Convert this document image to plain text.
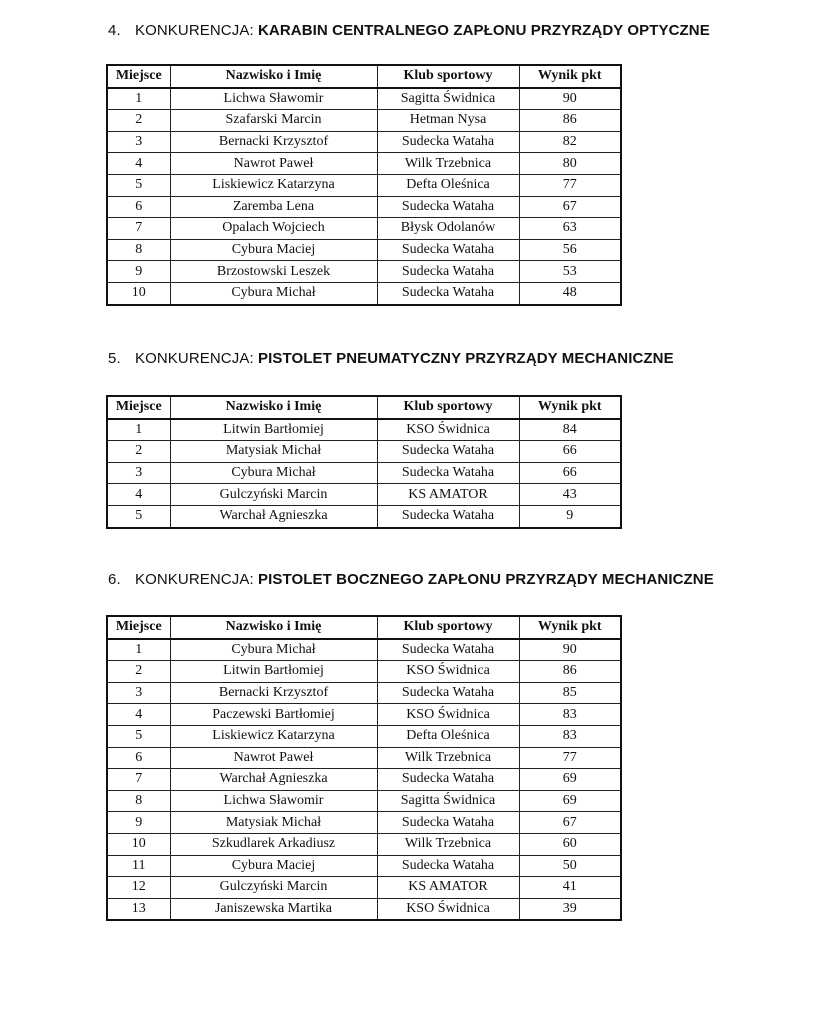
4. KONKURENCJA: KARABIN CENTRALNEGO ZAPŁONU PRZYRZĄDY OPTYCZNE
Miejsce	Nazwisko i Imię	Klub sportowy	Wynik pkt
1	Lichwa Sławomir	Sagitta Świdnica	90
2	Szafarski Marcin	Hetman Nysa	86
3	Bernacki Krzysztof	Sudecka Wataha	82
4	Nawrot Paweł	Wilk Trzebnica	80
5	Liskiewicz Katarzyna	Defta Oleśnica	77
6	Zaremba Lena	Sudecka Wataha	67
7	Opalach Wojciech	Błysk Odolanów	63
8	Cybura Maciej	Sudecka Wataha	56
9	Brzostowski Leszek	Sudecka Wataha	53
10	Cybura Michał	Sudecka Wataha	48
5. KONKURENCJA: PISTOLET PNEUMATYCZNY PRZYRZĄDY MECHANICZNE
Miejsce	Nazwisko i Imię	Klub sportowy	Wynik pkt
1	Litwin Bartłomiej	KSO Świdnica	84
2	Matysiak Michał	Sudecka Wataha	66
3	Cybura Michał	Sudecka Wataha	66
4	Gulczyński Marcin	KS AMATOR	43
5	Warchał Agnieszka	Sudecka Wataha	9
6. KONKURENCJA: PISTOLET BOCZNEGO ZAPŁONU PRZYRZĄDY MECHANICZNE
Miejsce	Nazwisko i Imię	Klub sportowy	Wynik pkt
1	Cybura Michał	Sudecka Wataha	90
2	Litwin Bartłomiej	KSO Świdnica	86
3	Bernacki Krzysztof	Sudecka Wataha	85
4	Paczewski Bartłomiej	KSO Świdnica	83
5	Liskiewicz Katarzyna	Defta Oleśnica	83
6	Nawrot Paweł	Wilk Trzebnica	77
7	Warchał Agnieszka	Sudecka Wataha	69
8	Lichwa Sławomir	Sagitta Świdnica	69
9	Matysiak Michał	Sudecka Wataha	67
10	Szkudlarek Arkadiusz	Wilk Trzebnica	60
11	Cybura Maciej	Sudecka Wataha	50
12	Gulczyński Marcin	KS AMATOR	41
13	Janiszewska Martika	KSO Świdnica	39
